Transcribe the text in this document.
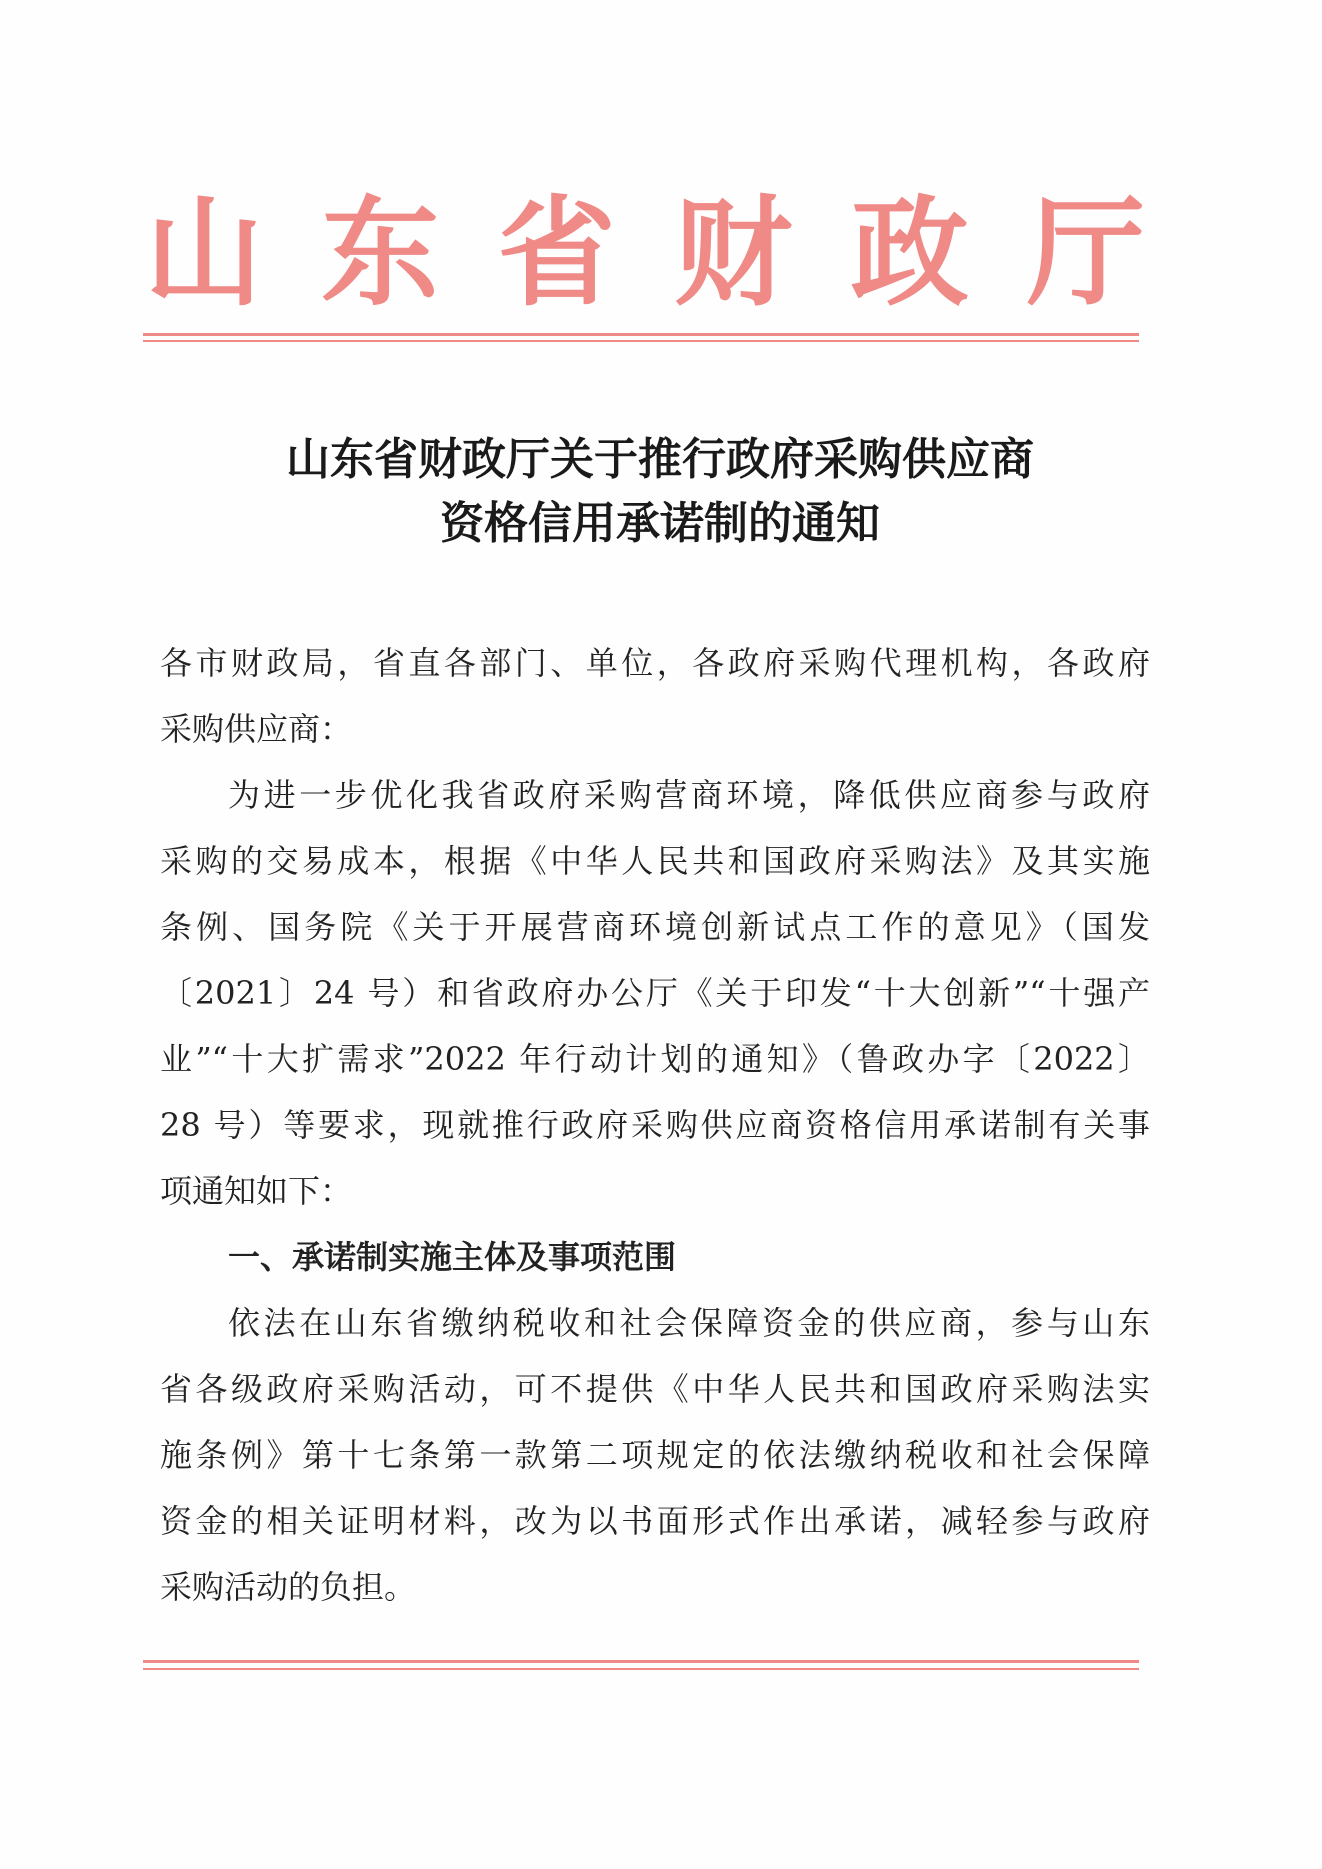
山 东 省 财 政 厅
山东省财政厅关于推行政府采购供应商
资格信用承诺制的通知
各市财政局，省直各部门、单位，各政府采购代理机构，各政府
采购供应商：
为进一步优化我省政府采购营商环境，降低供应商参与政府
采购的交易成本，根据《中华人民共和国政府采购法》及其实施
条例、国务院《关于开展营商环境创新试点工作的意见》（国发
〔2021〕24 号）和省政府办公厅《关于印发“十大创新”“十强产
业”“十大扩需求”2022 年行动计划的通知》（鲁政办字〔2022〕
28 号）等要求，现就推行政府采购供应商资格信用承诺制有关事
项通知如下：
一、承诺制实施主体及事项范围
依法在山东省缴纳税收和社会保障资金的供应商，参与山东
省各级政府采购活动，可不提供《中华人民共和国政府采购法实
施条例》第十七条第一款第二项规定的依法缴纳税收和社会保障
资金的相关证明材料，改为以书面形式作出承诺，减轻参与政府
采购活动的负担。
